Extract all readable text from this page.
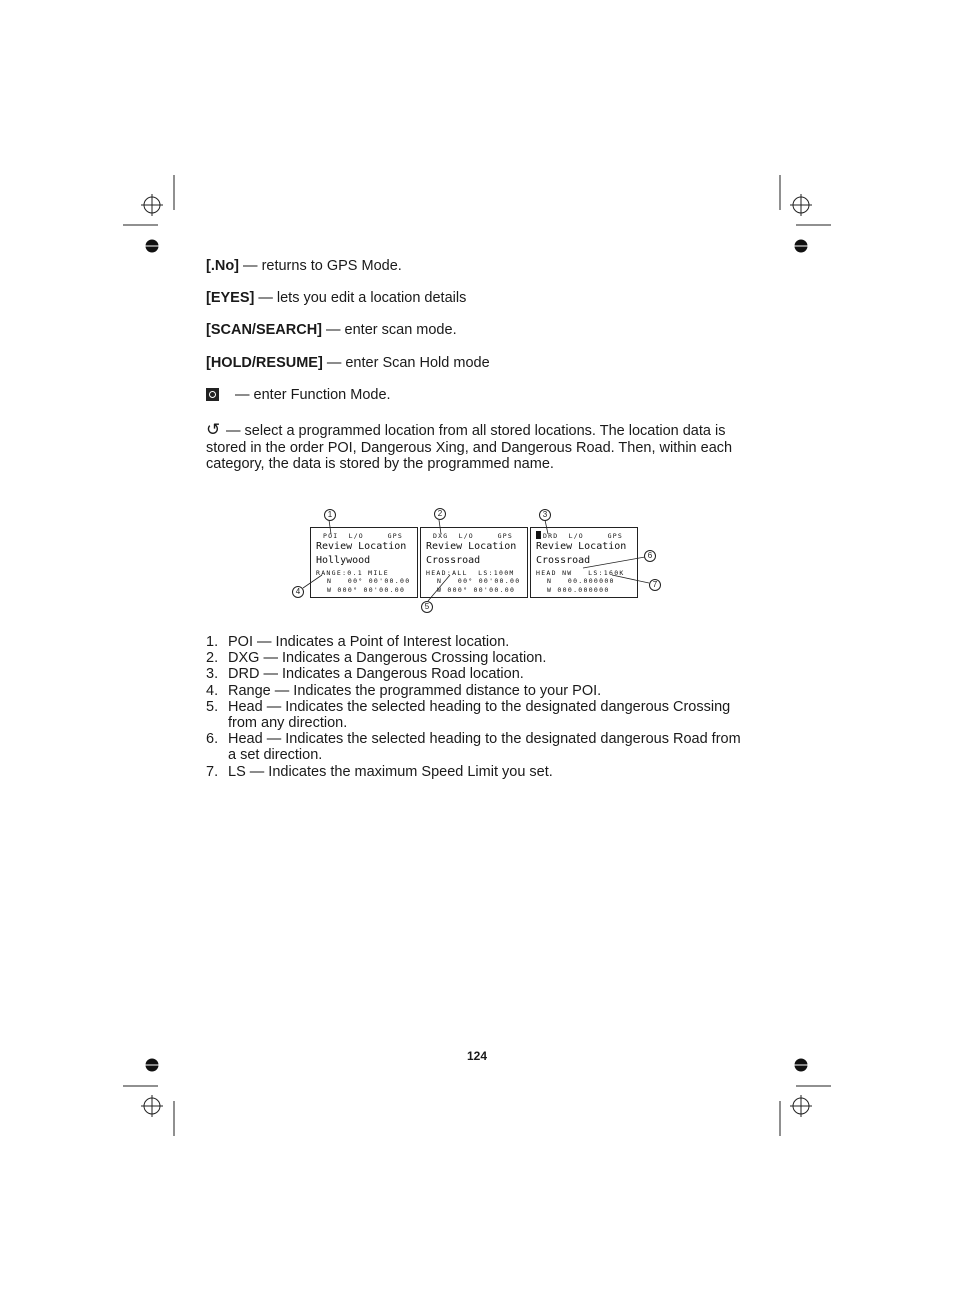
[.No] — returns to GPS Mode.
[EYES] — lets you edit a location details
[SCAN/SEARCH] — enter scan mode.
[HOLD/RESUME] — enter Scan Hold mode
— enter Function Mode.
↺ — select a programmed location from all stored locations. The location data is stored in the order POI, Dangerous Xing, and Dangerous Road. Then, within each category, the data is stored by the programmed name.
POI L/O	GPS
Review Location
Hollywood
RANGE:0.1 MILE
N   00° 00'00.00
W 000° 00'00.00
DXG L/O	GPS
Review Location
Crossroad
HEAD:ALL  LS:100M
N   00° 00'00.00
W 000° 00'00.00
DRD L/O	GPS
Review Location
Crossroad
HEAD NW   LS:160K
N   00.000000
W 000.000000
1	2	3
4
5
6
7
1. POI — Indicates a Point of Interest location.
2. DXG — Indicates a Dangerous Crossing location.
3. DRD — Indicates a Dangerous Road location.
4. Range — Indicates the programmed distance to your POI.
5. Head — Indicates the selected heading to the designated dangerous Crossing from any direction.
6. Head — Indicates the selected heading to the designated dangerous Road from a set direction.
7. LS — Indicates the maximum Speed Limit you set.
124
